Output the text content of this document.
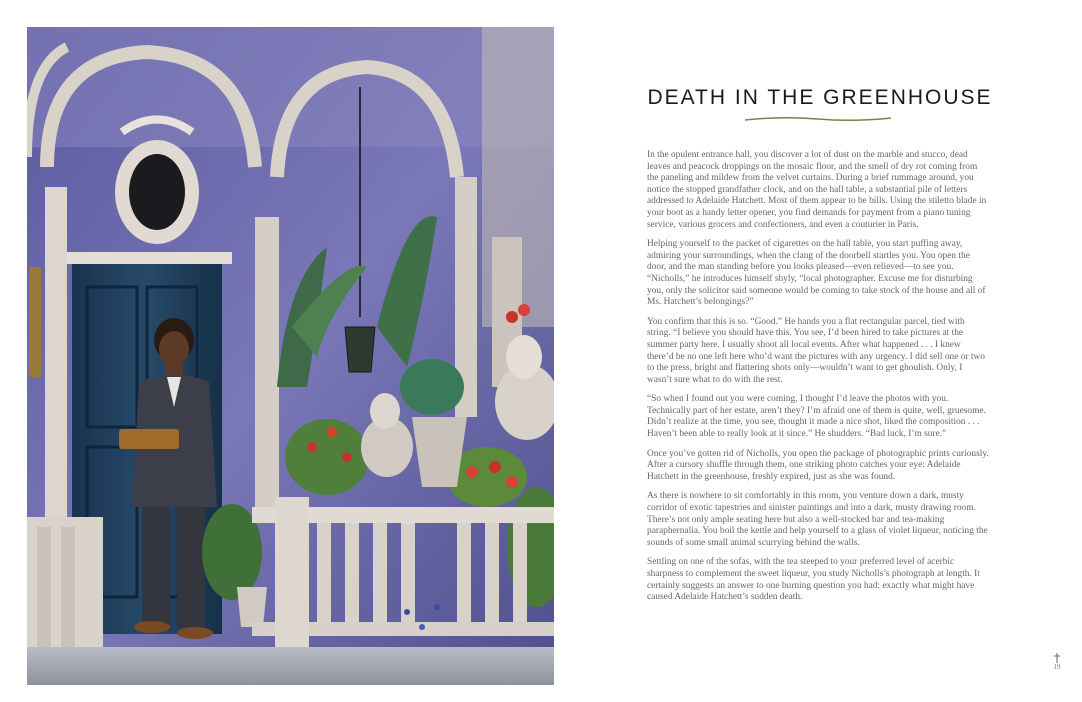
DEATH IN THE GREENHOUSE

In the opulent entrance hall, you discover a lot of dust on the marble and stucco, dead leaves and peacock droppings on the mosaic floor, and the smell of dry rot coming from the paneling and mildew from the velvet curtains. During a brief rummage around, you notice the stopped grandfather clock, and on the hall table, a substantial pile of letters addressed to Adelaide Hatchett. Most of them appear to be bills. Using the stiletto blade in your boot as a handy letter opener, you find demands for payment from a piano tuning service, various grocers and confectioners, and even a couturier in Paris.

Helping yourself to the packet of cigarettes on the hall table, you start puffing away, admiring your surroundings, when the clang of the doorbell startles you. You open the door, and the man standing before you looks pleased—even relieved—to see you. “Nicholls,” he introduces himself shyly, “local photographer. Excuse me for disturbing you, only the solicitor said someone would be coming to take stock of the house and all of Ms. Hatchett’s belongings?”

You confirm that this is so. “Good.” He hands you a flat rectangular parcel, tied with string. “I believe you should have this. You see, I’d been hired to take pictures at the summer party here. I usually shoot all local events. After what happened . . . I knew there’d be no one left here who’d want the pictures with any urgency. I did sell one or two to the press, bright and flattering shots only—wouldn’t want to get ghoulish. Only, I wasn’t sure what to do with the rest.

“So when I found out you were coming, I thought I’d leave the photos with you. Technically part of her estate, aren’t they? I’m afraid one of them is quite, well, gruesome. Didn’t realize at the time, you see, thought it made a nice shot, liked the composition . . . Haven’t been able to really look at it since.” He shudders. “Bad luck, I’m sure.”

Once you’ve gotten rid of Nicholls, you open the package of photographic prints curiously. After a cursory shuffle through them, one striking photo catches your eye: Adelaide Hatchett in the greenhouse, freshly expired, just as she was found.

As there is nowhere to sit comfortably in this room, you venture down a dark, musty corridor of exotic tapestries and sinister paintings and into a dark, musty drawing room. There’s not only ample seating here but also a well-stocked bar and tea-making paraphernalia. You boil the kettle and help yourself to a glass of violet liqueur, noticing the sounds of some small animal scurrying behind the walls.

Settling on one of the sofas, with the tea steeped to your preferred level of acerbic sharpness to complement the sweet liqueur, you study Nicholls’s photograph at length. It certainly suggests an answer to one burning question you had: exactly what might have caused Adelaide Hatchett’s sudden death.

19
